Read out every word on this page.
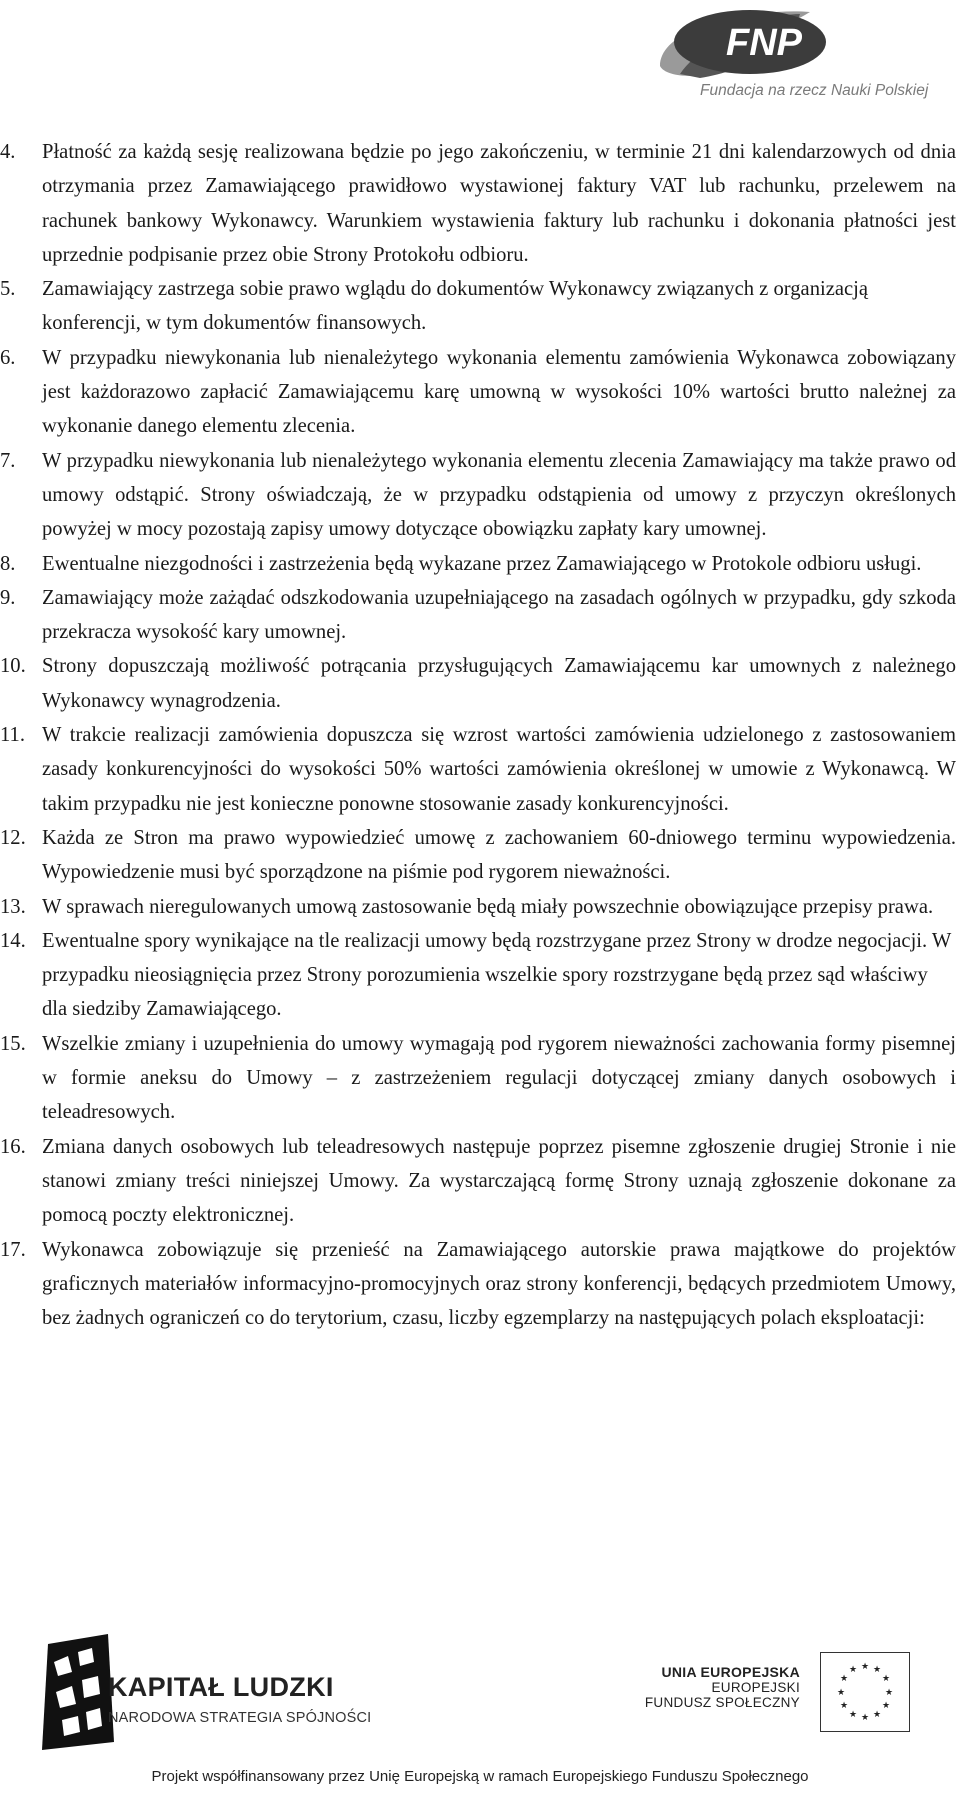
FNP
Fundacja na rzecz Nauki Polskiej
4.	Płatność za każdą sesję realizowana będzie po jego zakończeniu, w terminie 21 dni kalendarzowych od dnia otrzymania przez Zamawiającego prawidłowo wystawionej faktury VAT lub rachunku, przelewem na rachunek bankowy Wykonawcy. Warunkiem wystawienia faktury lub rachunku i dokonania płatności jest uprzednie podpisanie przez obie Strony Protokołu odbioru.
5.	Zamawiający zastrzega sobie prawo wglądu do dokumentów Wykonawcy związanych z organizacją konferencji, w tym dokumentów finansowych.
6.	W przypadku niewykonania lub nienależytego wykonania elementu zamówienia Wykonawca zobowiązany jest każdorazowo zapłacić Zamawiającemu karę umowną w wysokości 10% wartości brutto należnej za wykonanie danego elementu zlecenia.
7.	W przypadku niewykonania lub nienależytego wykonania elementu zlecenia Zamawiający ma także prawo od umowy odstąpić. Strony oświadczają, że w przypadku odstąpienia od umowy z przyczyn określonych powyżej w mocy pozostają zapisy umowy dotyczące obowiązku zapłaty kary umownej.
8.	Ewentualne niezgodności i zastrzeżenia będą wykazane przez Zamawiającego w Protokole odbioru usługi.
9.	Zamawiający może zażądać odszkodowania uzupełniającego na zasadach ogólnych w przypadku, gdy szkoda przekracza wysokość kary umownej.
10. Strony dopuszczają możliwość potrącania przysługujących Zamawiającemu kar umownych z należnego Wykonawcy wynagrodzenia.
11. W trakcie realizacji zamówienia dopuszcza się wzrost wartości zamówienia udzielonego z zastosowaniem zasady konkurencyjności do wysokości 50% wartości zamówienia określonej w umowie z Wykonawcą. W takim przypadku nie jest konieczne ponowne stosowanie zasady konkurencyjności.
12. Każda ze Stron ma prawo wypowiedzieć umowę z zachowaniem 60-dniowego terminu wypowiedzenia. Wypowiedzenie musi być sporządzone na piśmie pod rygorem nieważności.
13. W sprawach nieregulowanych umową zastosowanie będą miały powszechnie obowiązujące przepisy prawa.
14. Ewentualne spory wynikające na tle realizacji umowy będą rozstrzygane przez Strony w drodze negocjacji. W przypadku nieosiągnięcia przez Strony porozumienia wszelkie spory rozstrzygane będą przez sąd właściwy dla siedziby Zamawiającego.
15. Wszelkie zmiany i uzupełnienia do umowy wymagają pod rygorem nieważności zachowania formy pisemnej w formie aneksu do Umowy – z zastrzeżeniem regulacji dotyczącej zmiany danych osobowych i teleadresowych.
16. Zmiana danych osobowych lub teleadresowych następuje poprzez pisemne zgłoszenie drugiej Stronie i nie stanowi zmiany treści niniejszej Umowy. Za wystarczającą formę Strony uznają zgłoszenie dokonane za pomocą poczty elektronicznej.
17. Wykonawca zobowiązuje się przenieść na Zamawiającego autorskie prawa majątkowe do projektów graficznych materiałów informacyjno-promocyjnych oraz strony konferencji, będących przedmiotem Umowy, bez żadnych ograniczeń co do terytorium, czasu, liczby egzemplarzy na następujących polach eksploatacji:
KAPITAŁ LUDZKI
NARODOWA STRATEGIA SPÓJNOŚCI
UNIA EUROPEJSKA
EUROPEJSKI
FUNDUSZ SPOŁECZNY
★ ★
★
★
★
★
★
★
★
★
★
★
Projekt współfinansowany przez Unię Europejską w ramach Europejskiego Funduszu Społecznego
